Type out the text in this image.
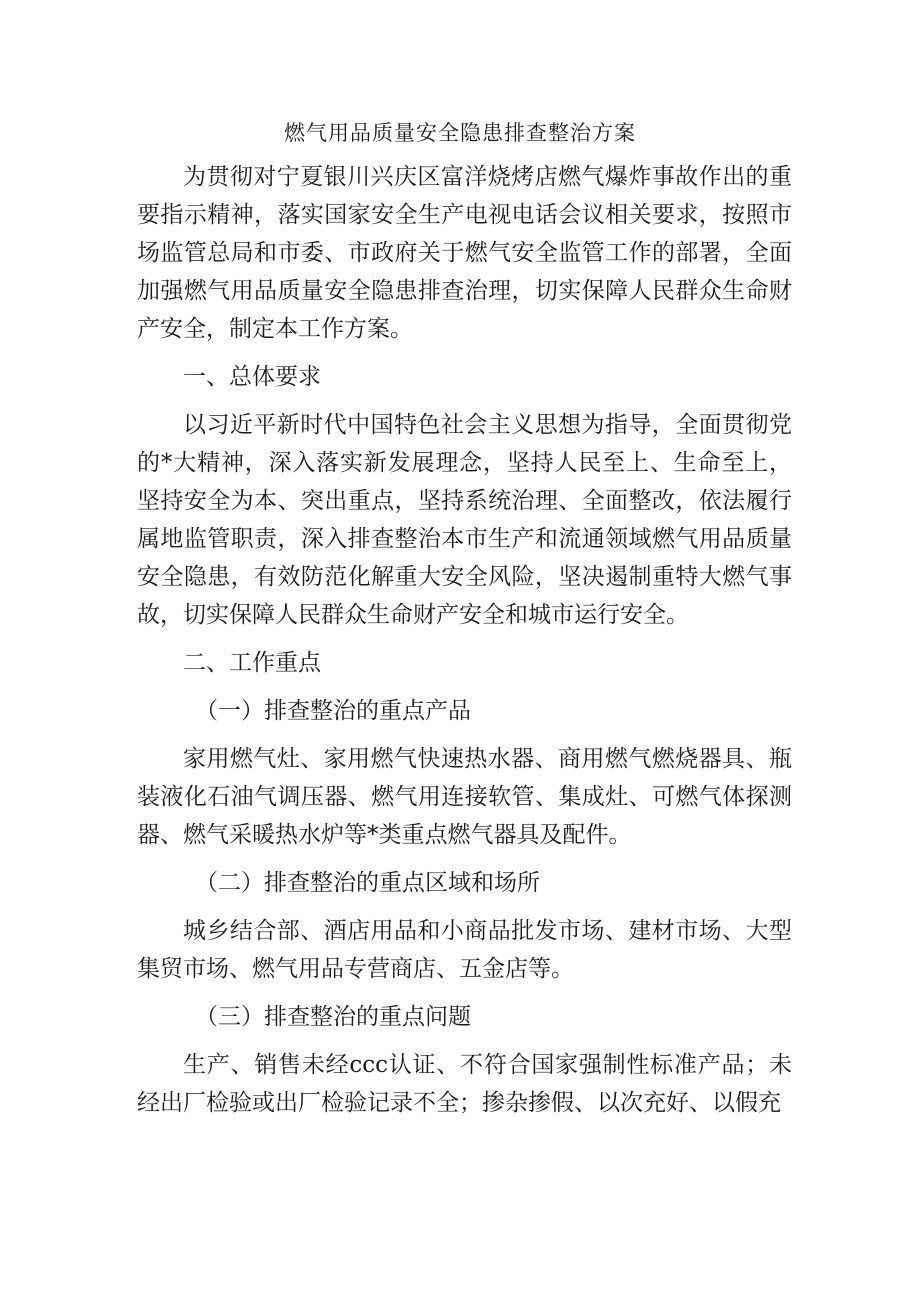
燃气用品质量安全隐患排查整治方案

为贯彻对宁夏银川兴庆区富洋烧烤店燃气爆炸事故作出的重要指示精神，落实国家安全生产电视电话会议相关要求，按照市场监管总局和市委、市政府关于燃气安全监管工作的部署，全面加强燃气用品质量安全隐患排查治理，切实保障人民群众生命财产安全，制定本工作方案。

一、总体要求

以习近平新时代中国特色社会主义思想为指导，全面贯彻党的*大精神，深入落实新发展理念，坚持人民至上、生命至上，坚持安全为本、突出重点，坚持系统治理、全面整改，依法履行属地监管职责，深入排查整治本市生产和流通领域燃气用品质量安全隐患，有效防范化解重大安全风险，坚决遏制重特大燃气事故，切实保障人民群众生命财产安全和城市运行安全。

二、工作重点

（一）排查整治的重点产品

家用燃气灶、家用燃气快速热水器、商用燃气燃烧器具、瓶装液化石油气调压器、燃气用连接软管、集成灶、可燃气体探测器、燃气采暖热水炉等*类重点燃气器具及配件。

（二）排查整治的重点区域和场所

城乡结合部、酒店用品和小商品批发市场、建材市场、大型集贸市场、燃气用品专营商店、五金店等。

（三）排查整治的重点问题

生产、销售未经ccc认证、不符合国家强制性标准产品；未经出厂检验或出厂检验记录不全；掺杂掺假、以次充好、以假充
